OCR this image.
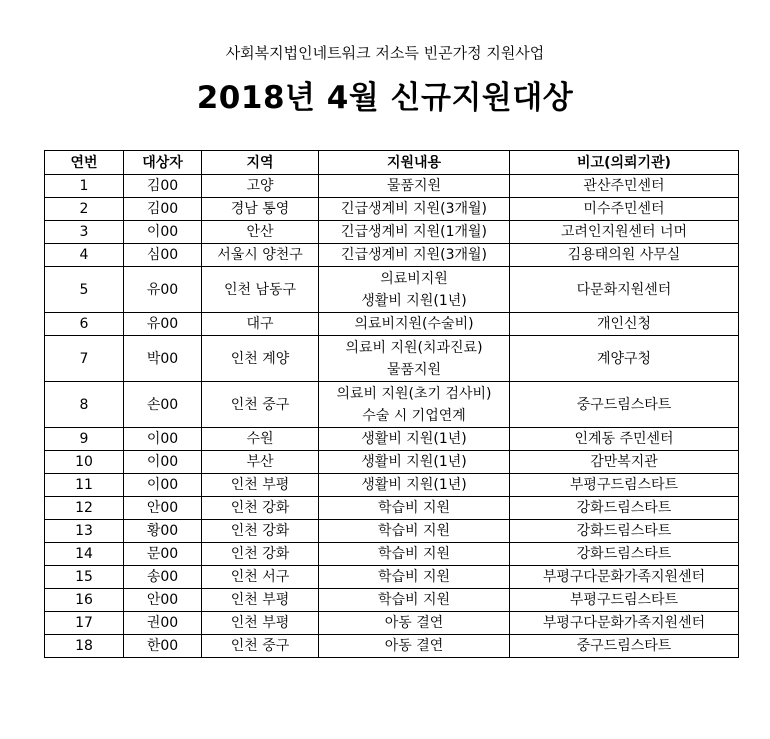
사회복지법인네트워크 저소득 빈곤가정 지원사업
2018년 4월 신규지원대상
연번	대상자	지역	지원내용	비고(의뢰기관)
1	김00	고양	물품지원	관산주민센터
2	김00	경남 통영	긴급생계비 지원(3개월)	미수주민센터
3	이00	안산	긴급생계비 지원(1개월)	고려인지원센터 너머
4	심00	서울시 양천구	긴급생계비 지원(3개월)	김용태의원 사무실
5	유00	인천 남동구	의료비지원
생활비 지원(1년)	다문화지원센터
6	유00	대구	의료비지원(수술비)	개인신청
7	박00	인천 계양	의료비 지원(치과진료)
물품지원	계양구청
8	손00	인천 중구	의료비 지원(초기 검사비)
수술 시 기업연계	중구드림스타트
9	이00	수원	생활비 지원(1년)	인계동 주민센터
10	이00	부산	생활비 지원(1년)	감만복지관
11	이00	인천 부평	생활비 지원(1년)	부평구드림스타트
12	안00	인천 강화	학습비 지원	강화드림스타트
13	황00	인천 강화	학습비 지원	강화드림스타트
14	문00	인천 강화	학습비 지원	강화드림스타트
15	송00	인천 서구	학습비 지원	부평구다문화가족지원센터
16	안00	인천 부평	학습비 지원	부평구드림스타트
17	권00	인천 부평	아동 결연	부평구다문화가족지원센터
18	한00	인천 중구	아동 결연	중구드림스타트
